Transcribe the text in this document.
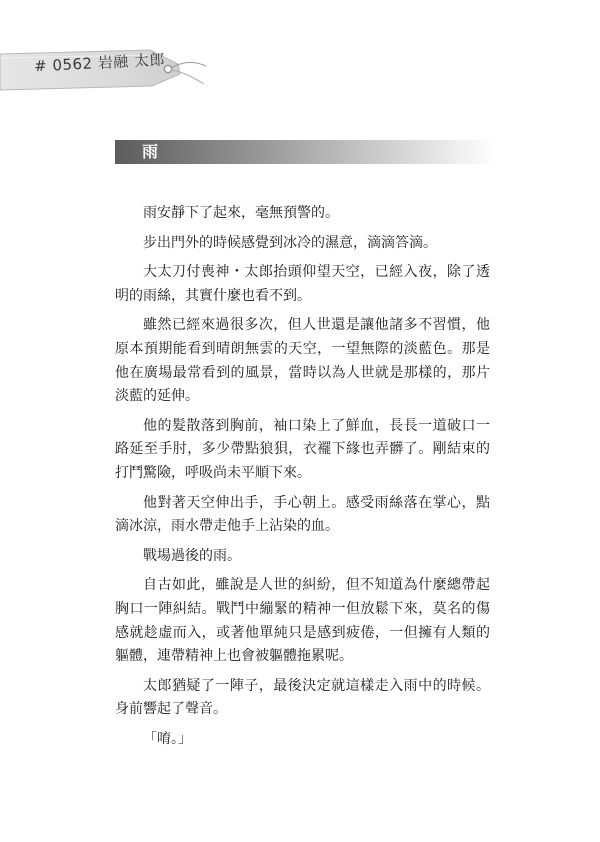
# 0562 岩融 太郎
雨

雨安靜下了起來，毫無預警的。

步出門外的時候感覺到冰冷的濕意，滴滴答滴。

大太刀付喪神・太郎抬頭仰望天空，已經入夜，除了透明的雨絲，其實什麼也看不到。

雖然已經來過很多次，但人世還是讓他諸多不習慣，他原本預期能看到晴朗無雲的天空，一望無際的淡藍色。那是他在廣場最常看到的風景，當時以為人世就是那樣的，那片淡藍的延伸。

他的髮散落到胸前，袖口染上了鮮血，長長一道破口一路延至手肘，多少帶點狼狽，衣襬下緣也弄髒了。剛結束的打鬥驚險，呼吸尚未平順下來。

他對著天空伸出手，手心朝上。感受雨絲落在掌心，點滴冰涼，雨水帶走他手上沾染的血。

戰場過後的雨。

自古如此，雖說是人世的糾紛，但不知道為什麼總帶起胸口一陣糾結。戰鬥中繃緊的精神一但放鬆下來，莫名的傷感就趁虛而入，或著他單純只是感到疲倦，一但擁有人類的軀體，連帶精神上也會被軀體拖累呢。

太郎猶疑了一陣子，最後決定就這樣走入雨中的時候。身前響起了聲音。

「唷。」
